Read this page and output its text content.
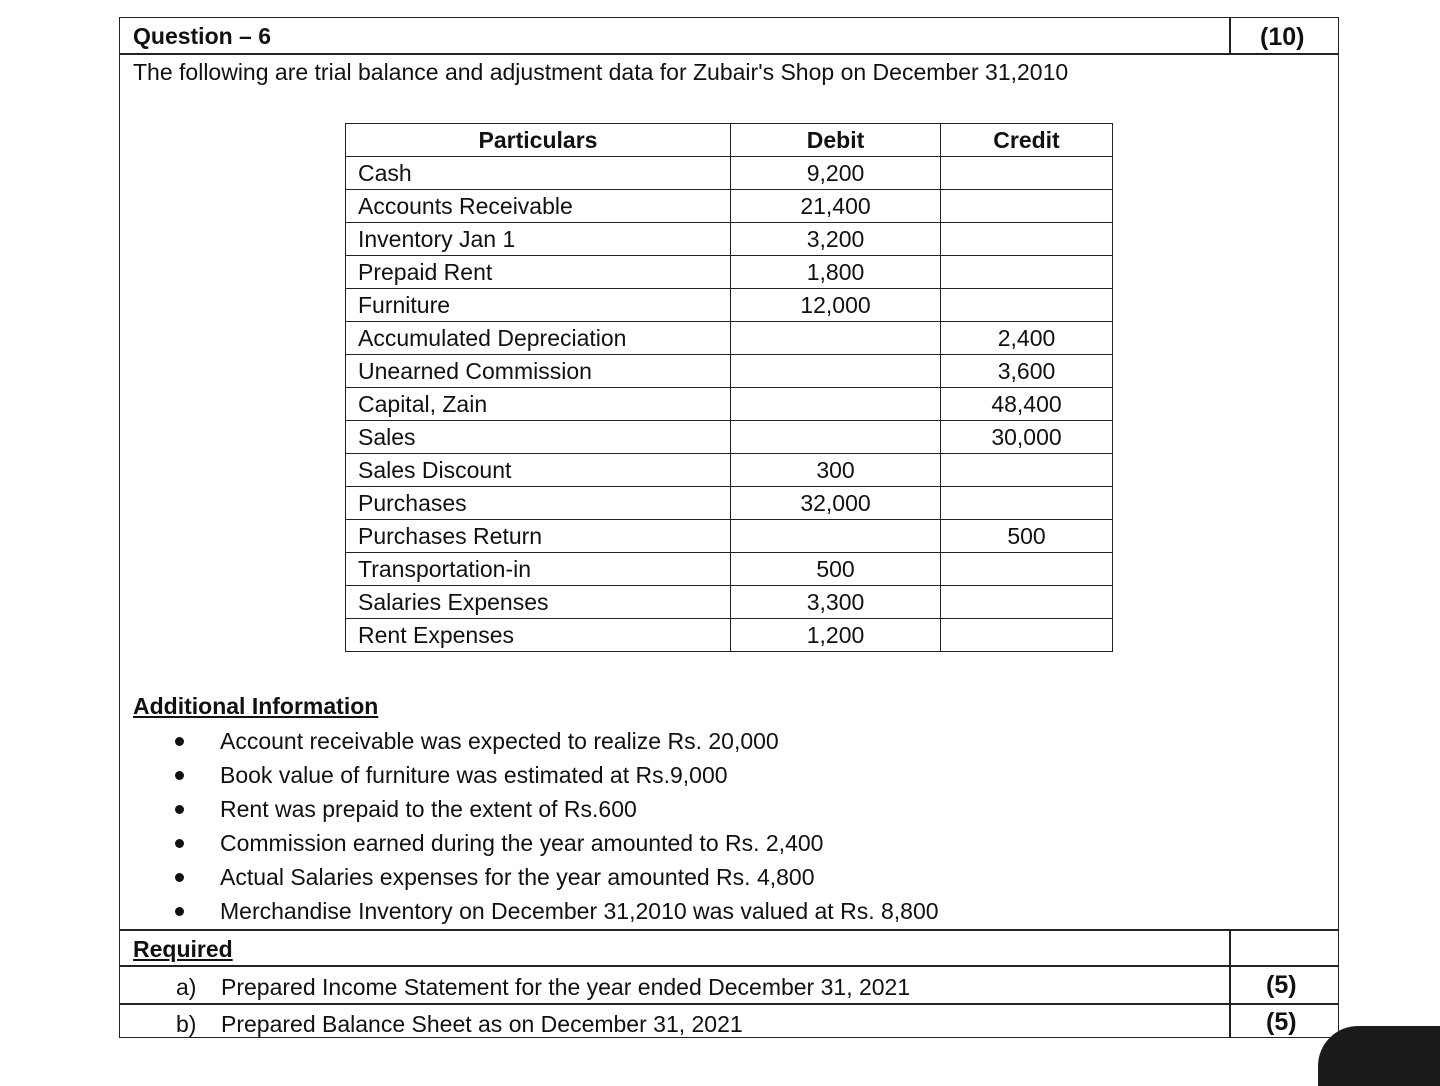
Question – 6	(10)
The following are trial balance and adjustment data for Zubair's Shop on December 31,2010
Particulars	Debit	Credit
Cash	9,200	
Accounts Receivable	21,400	
Inventory Jan 1	3,200	
Prepaid Rent	1,800	
Furniture	12,000	
Accumulated Depreciation		2,400
Unearned Commission		3,600
Capital, Zain		48,400
Sales		30,000
Sales Discount	300	
Purchases	32,000	
Purchases Return		500
Transportation-in	500	
Salaries Expenses	3,300	
Rent Expenses	1,200	
Additional Information
Account receivable was expected to realize Rs. 20,000
Book value of furniture was estimated at Rs.9,000
Rent was prepaid to the extent of Rs.600
Commission earned during the year amounted to Rs. 2,400
Actual Salaries expenses for the year amounted Rs. 4,800
Merchandise Inventory on December 31,2010 was valued at Rs. 8,800
Required
a) Prepared Income Statement for the year ended December 31, 2021	(5)
b) Prepared Balance Sheet as on December 31, 2021	(5)
